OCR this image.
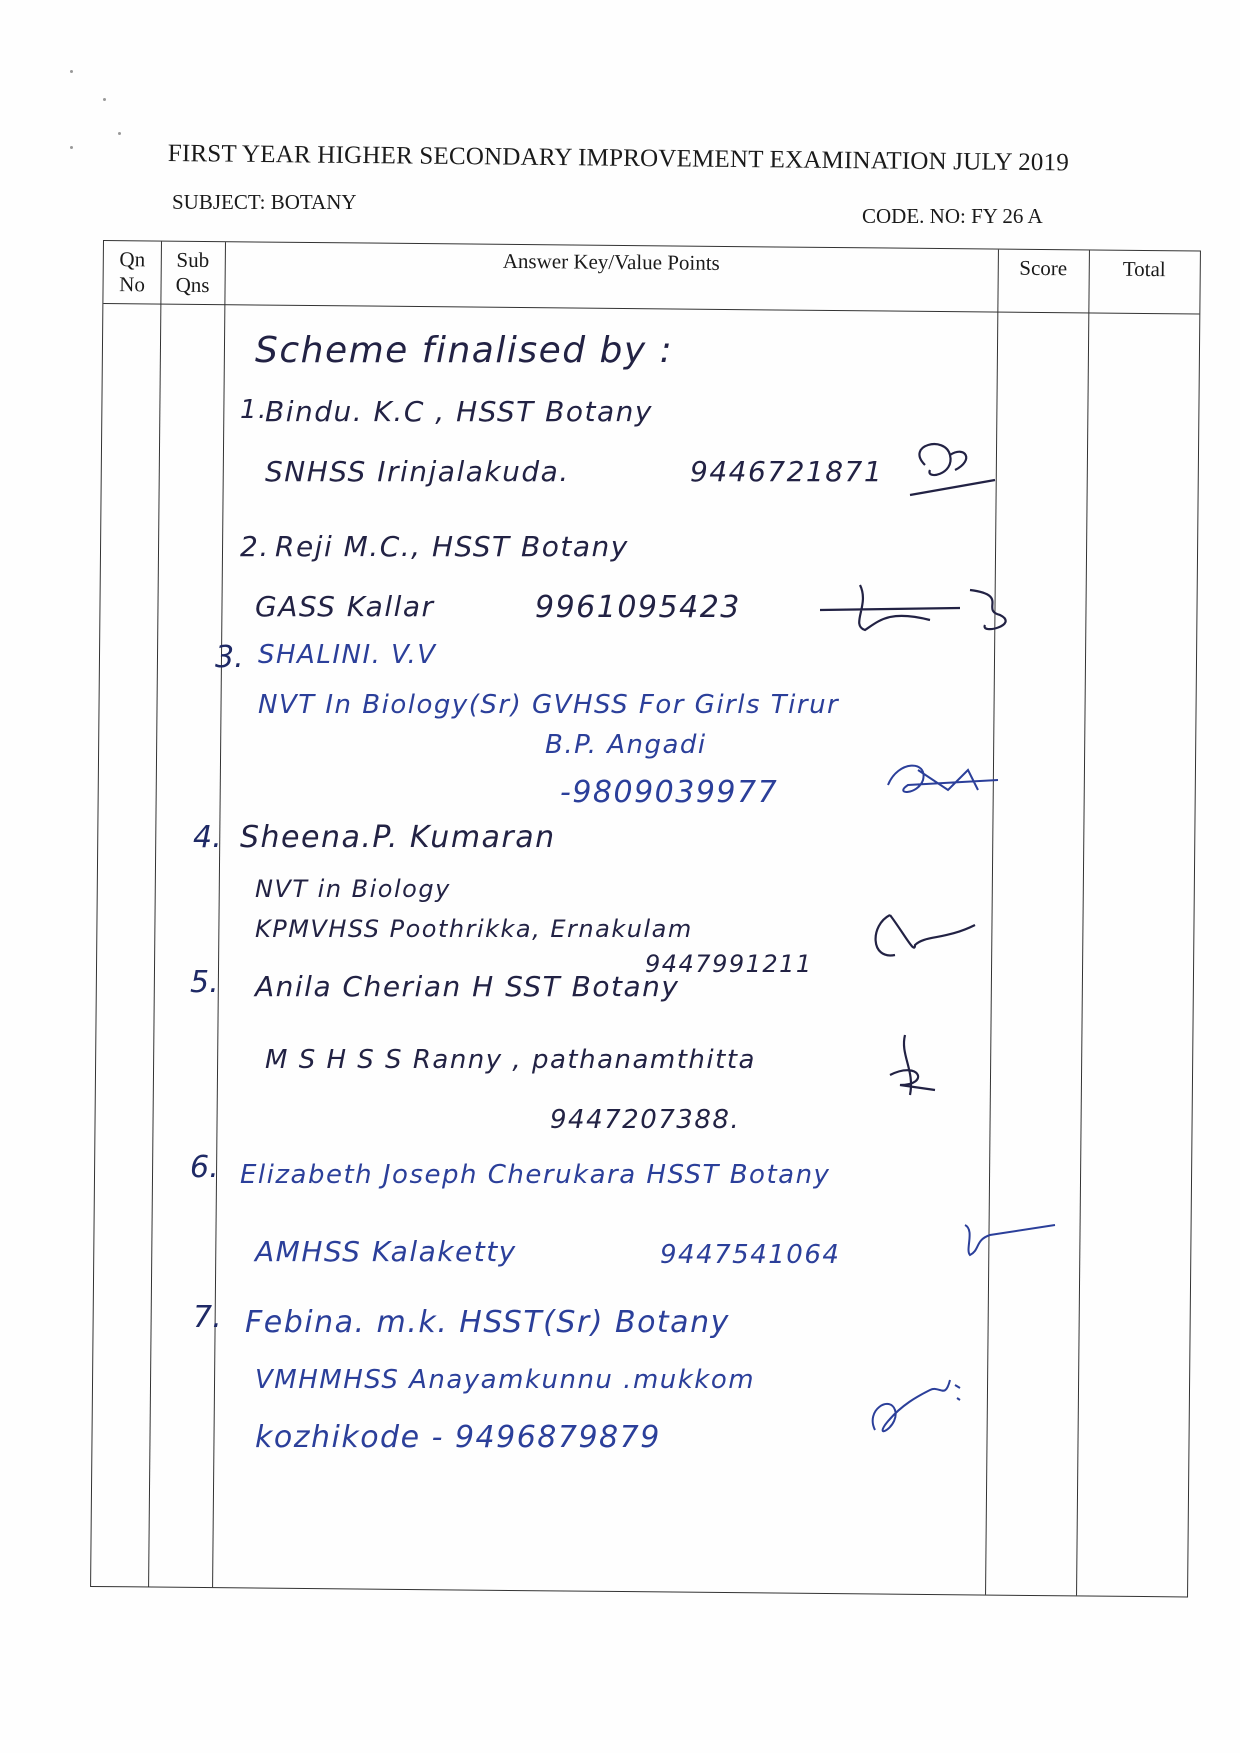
FIRST YEAR HIGHER SECONDARY IMPROVEMENT EXAMINATION JULY 2019
SUBJECT: BOTANY
CODE. NO: FY 26 A
Qn
No
Sub
Qns
Answer Key/Value Points	Score	Total
Scheme finalised by :
1.
Bindu. K.C , HSST Botany
SNHSS Irinjalakuda.	9446721871
2. Reji M.C., HSST Botany
GASS Kallar	9961095423
3. SHALINI. V.V
NVT In Biology(Sr) GVHSS For Girls Tirur
B.P. Angadi
-9809039977
4. Sheena.P. Kumaran
NVT in Biology
KPMVHSS Poothrikka, Ernakulam
9447991211
5. Anila Cherian H SST Botany
M S H S S Ranny , pathanamthitta
9447207388.
6. Elizabeth Joseph Cherukara HSST Botany
AMHSS Kalaketty	9447541064
7. Febina. m.k. HSST(Sr) Botany
VMHMHSS Anayamkunnu .mukkom
kozhikode - 9496879879
